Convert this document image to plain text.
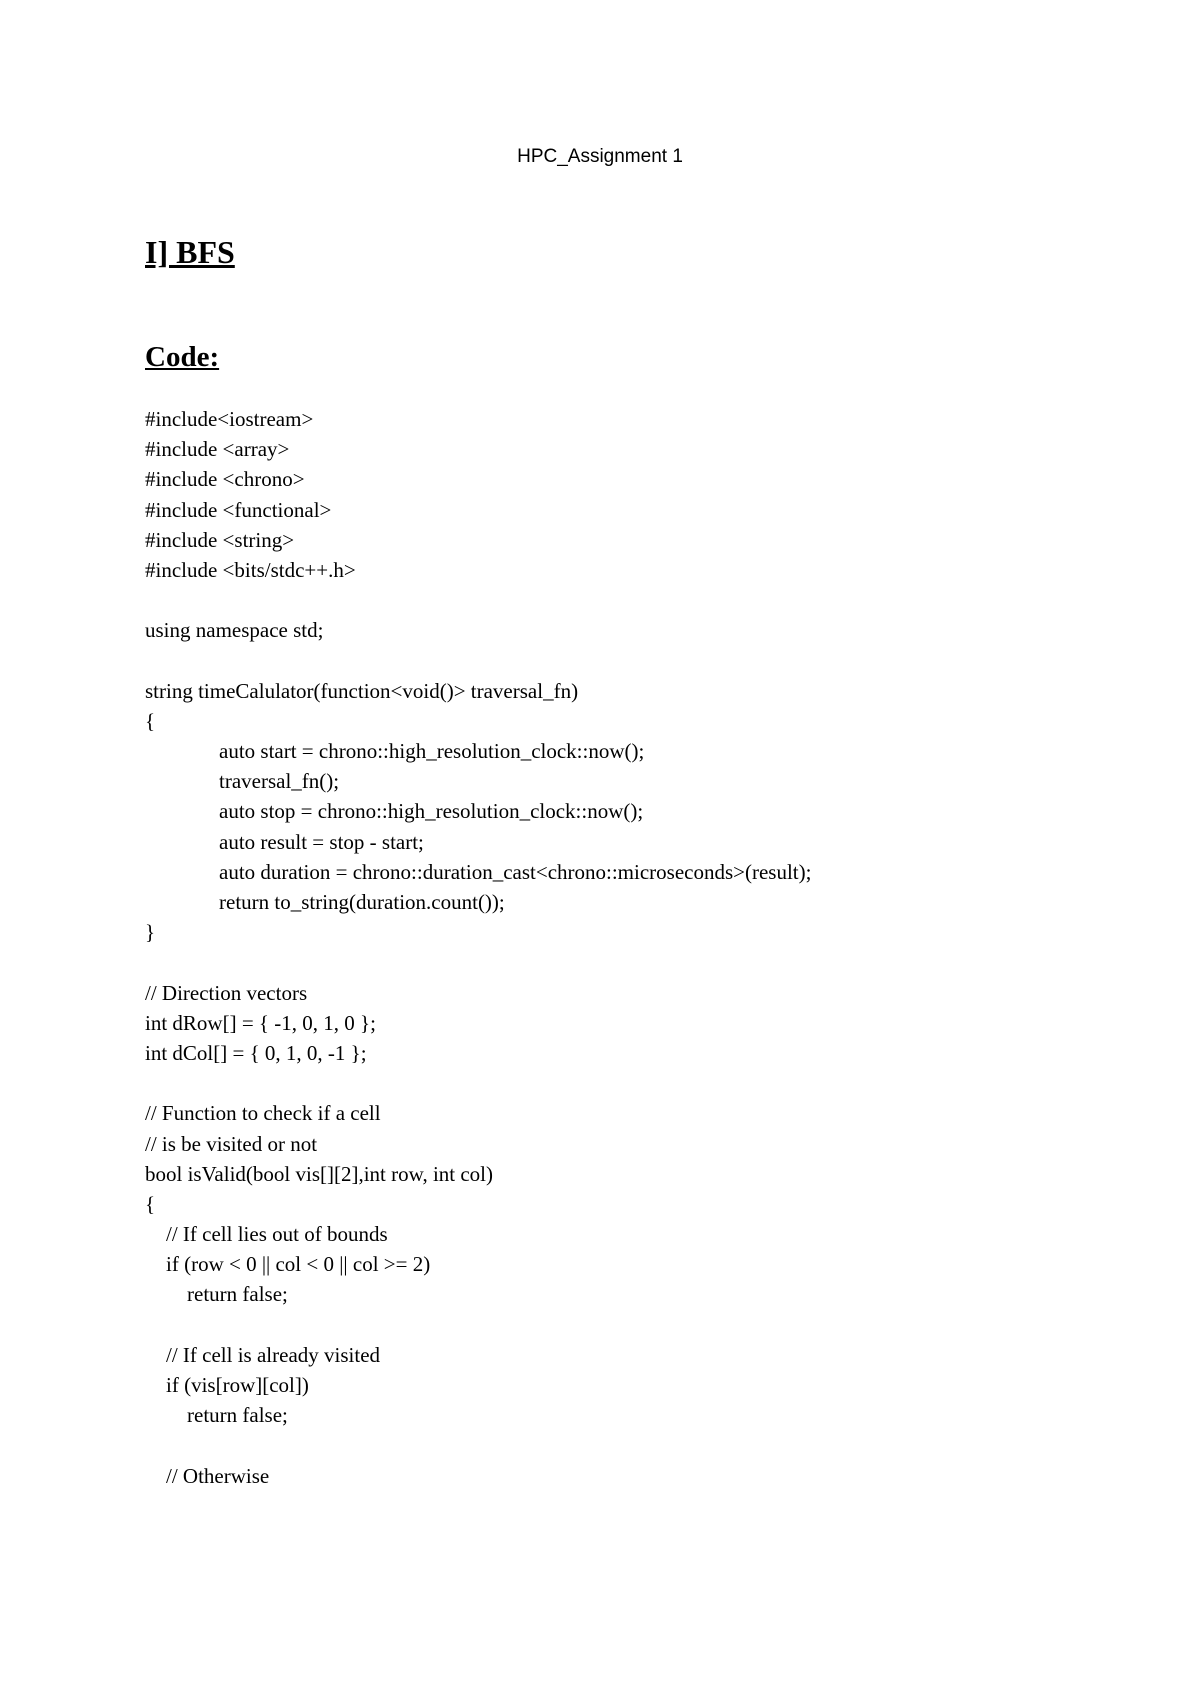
HPC_Assignment 1
I] BFS
Code:
#include<iostream>
#include <array>
#include <chrono>
#include <functional>
#include <string>
#include <bits/stdc++.h>
using namespace std;
string timeCalulator(function<void()> traversal_fn)
{
auto start = chrono::high_resolution_clock::now();
traversal_fn();
auto stop = chrono::high_resolution_clock::now();
auto result = stop - start;
auto duration = chrono::duration_cast<chrono::microseconds>(result);
return to_string(duration.count());
}
// Direction vectors
int dRow[] = { -1, 0, 1, 0 };
int dCol[] = { 0, 1, 0, -1 };
// Function to check if a cell
// is be visited or not
bool isValid(bool vis[][2],int row, int col)
{
// If cell lies out of bounds
if (row < 0 || col < 0 || col >= 2)
return false;
// If cell is already visited
if (vis[row][col])
return false;
// Otherwise
